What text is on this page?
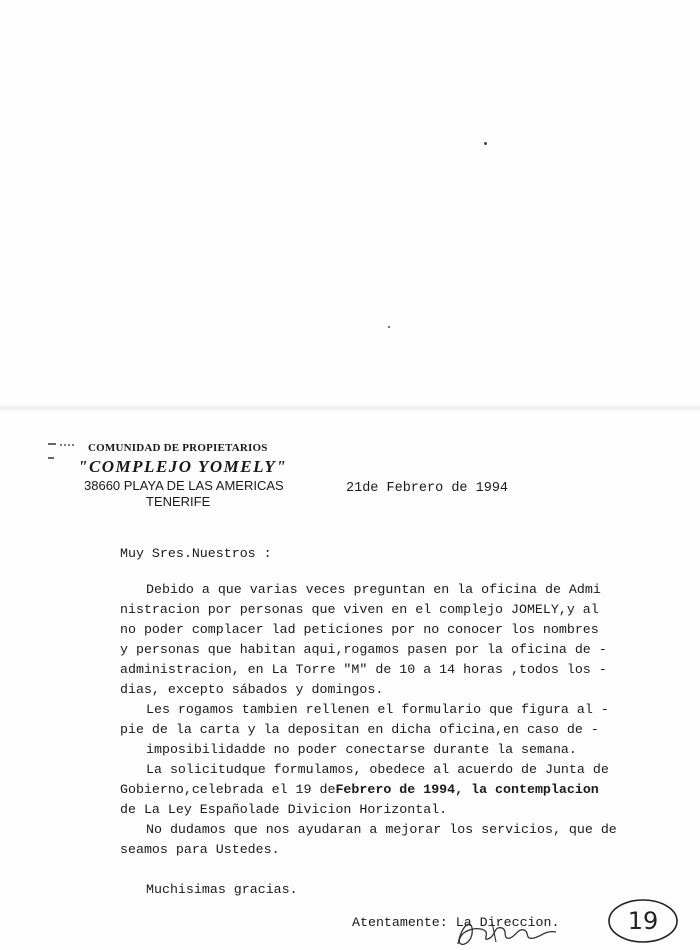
COMUNIDAD DE PROPIETARIOS
"COMPLEJO YOMELY"
38660 PLAYA DE LAS AMERICAS
TENERIFE
21de Febrero de 1994
Muy Sres.Nuestros :
Debido a que varias veces preguntan en la oficina de Admi
nistracion por personas que viven en el complejo JOMELY,y al
no poder complacer lad peticiones por no conocer los nombres
y personas que habitan aqui,rogamos pasen por la oficina de -
administracion, en La Torre "M" de 10 a 14 horas ,todos los -
dias, excepto sábados y domingos.
Les rogamos tambien rellenen el formulario que figura al -
pie de la carta y la depositan en dicha oficina,en caso de -
imposibilidadde no poder conectarse durante la semana.
La solicitudque formulamos, obedece al acuerdo de Junta de
Gobierno,celebrada el 19 deFebrero de 1994, la contemplacion
de La Ley Españolade Divicion Horizontal.
No dudamos que nos ayudaran a mejorar los servicios, que de
seamos para Ustedes.
Muchisimas gracias.
Atentamente: La Direccion.	19
